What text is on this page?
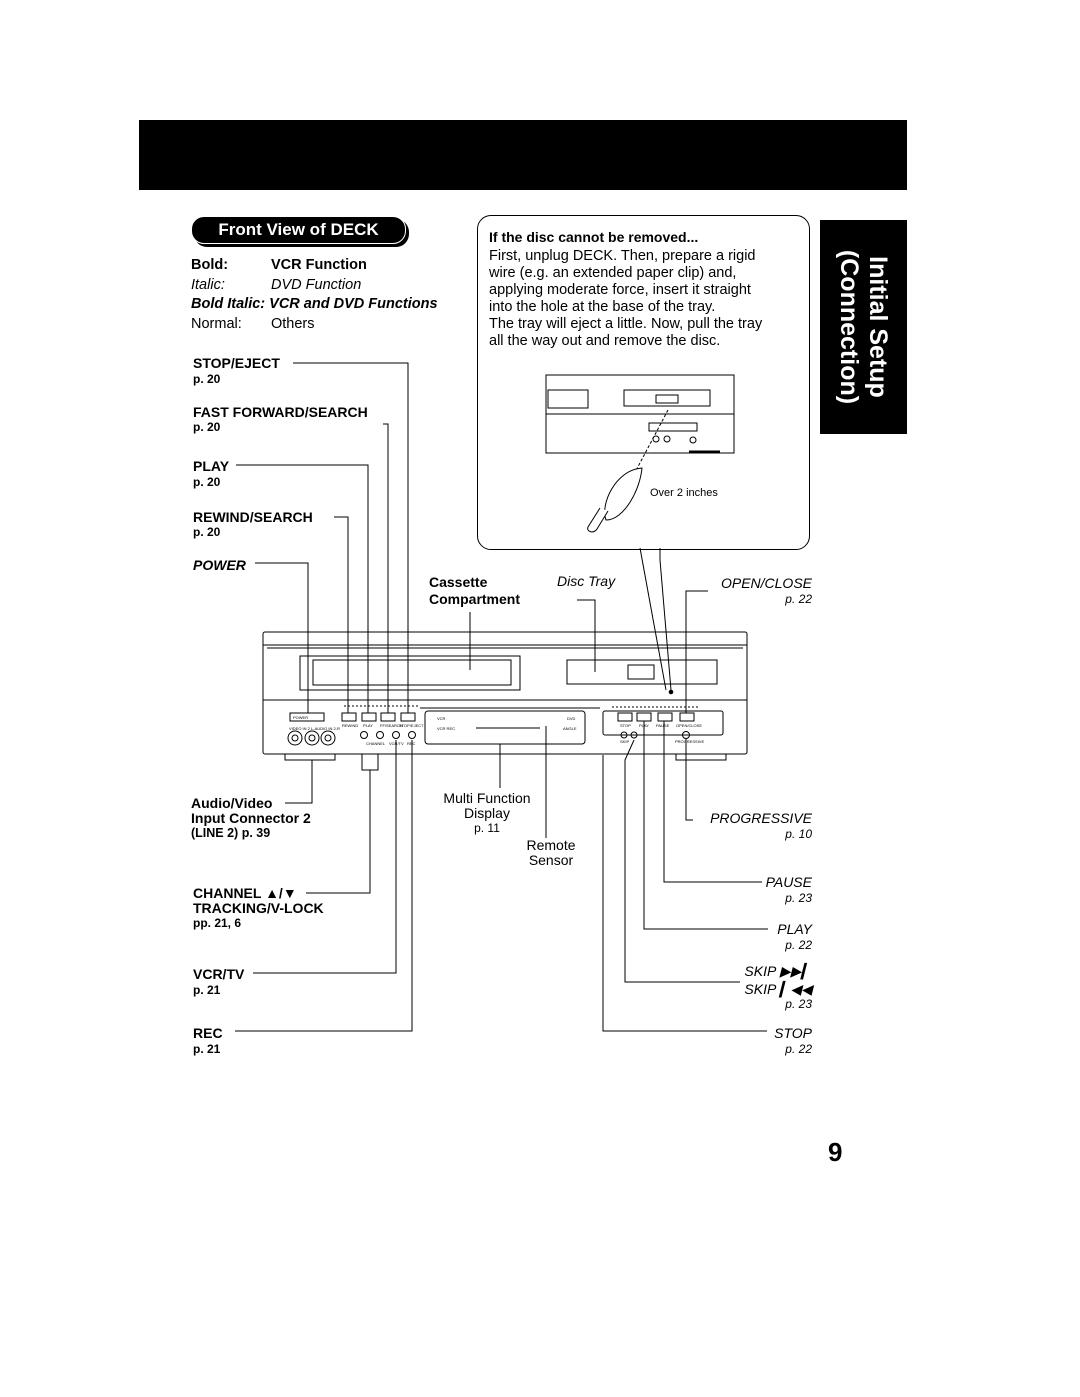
Initial Setup
(Connection)
Front View of DECK
Bold:	VCR Function
Italic:	DVD Function
Bold Italic: VCR and DVD Functions
Normal: Others
If the disc cannot be removed...
First, unplug DECK. Then, prepare a rigid
wire (e.g. an extended paper clip) and,
applying moderate force, insert it straight
into the hole at the base of the tray.
The tray will eject a little. Now, pull the tray
all the way out and remove the disc.
POWER
VIDEO IN 2 L-AUDIO IN 2-R
REWIND PLAY FF/SEARCH
STOP/EJECT
CHANNEL VCR/TV REC
VCR	DVD
VCR REC	ANGLE
STOP PLAY PAUSE OPEN/CLOSE
SKIP	PROGRESSIVE
Over 2 inches
STOP/EJECT
p. 20
FAST FORWARD/SEARCH
p. 20
PLAY
p. 20
REWIND/SEARCH
p. 20
POWER
Audio/Video
Input Connector 2
(LINE 2) p. 39
CHANNEL ▲/▼
TRACKING/V-LOCK
pp. 21, 6
VCR/TV
p. 21
REC
p. 21
Cassette
Compartment
Disc Tray
Multi Function
Display
p. 11
Remote
Sensor
OPEN/CLOSE
p. 22
PROGRESSIVE
p. 10
PAUSE
p. 23
PLAY
p. 22
SKIP ▶▶▎
SKIP ▎◀◀
p. 23
STOP
p. 22
9
